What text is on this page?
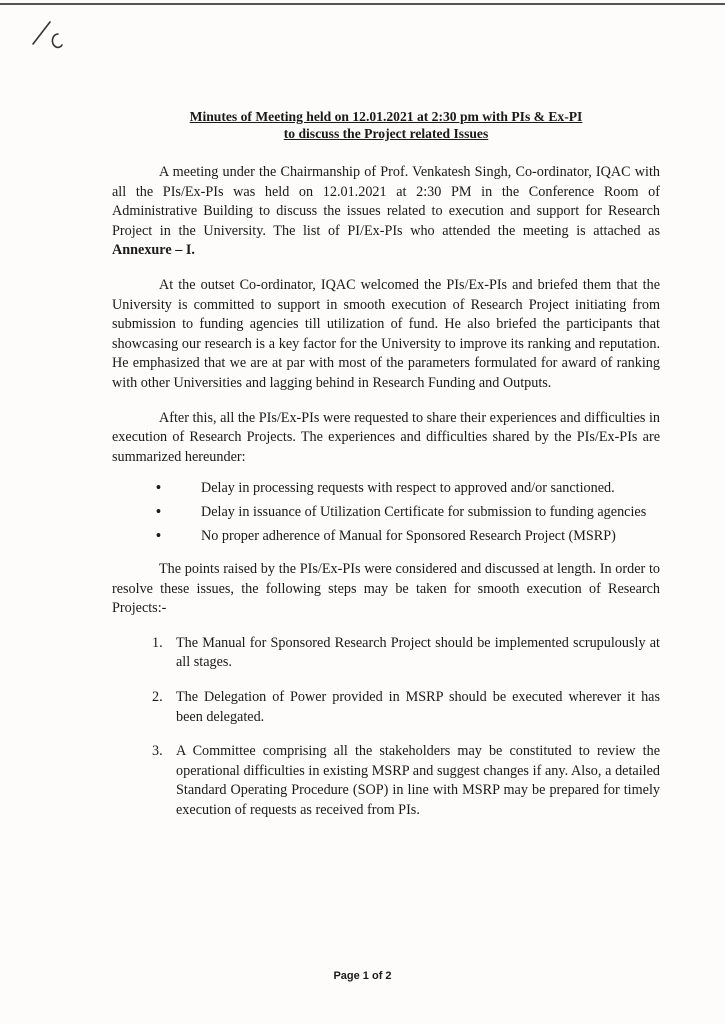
Minutes of Meeting held on 12.01.2021 at 2:30 pm with PIs & Ex-PI
to discuss the Project related Issues

A meeting under the Chairmanship of Prof. Venkatesh Singh, Co-ordinator, IQAC with all the PIs/Ex-PIs was held on 12.01.2021 at 2:30 PM in the Conference Room of Administrative Building to discuss the issues related to execution and support for Research Project in the University. The list of PI/Ex-PIs who attended the meeting is attached as Annexure – I.

At the outset Co-ordinator, IQAC welcomed the PIs/Ex-PIs and briefed them that the University is committed to support in smooth execution of Research Project initiating from submission to funding agencies till utilization of fund. He also briefed the participants that showcasing our research is a key factor for the University to improve its ranking and reputation. He emphasized that we are at par with most of the parameters formulated for award of ranking with other Universities and lagging behind in Research Funding and Outputs.

After this, all the PIs/Ex-PIs were requested to share their experiences and difficulties in execution of Research Projects. The experiences and difficulties shared by the PIs/Ex-PIs are summarized hereunder:

•	Delay in processing requests with respect to approved and/or sanctioned.
•	Delay in issuance of Utilization Certificate for submission to funding agencies
•	No proper adherence of Manual for Sponsored Research Project (MSRP)

The points raised by the PIs/Ex-PIs were considered and discussed at length. In order to resolve these issues, the following steps may be taken for smooth execution of Research Projects:-

1. The Manual for Sponsored Research Project should be implemented scrupulously at all stages.
2. The Delegation of Power provided in MSRP should be executed wherever it has been delegated.
3. A Committee comprising all the stakeholders may be constituted to review the operational difficulties in existing MSRP and suggest changes if any. Also, a detailed Standard Operating Procedure (SOP) in line with MSRP may be prepared for timely execution of requests as received from PIs.
Page 1 of 2
